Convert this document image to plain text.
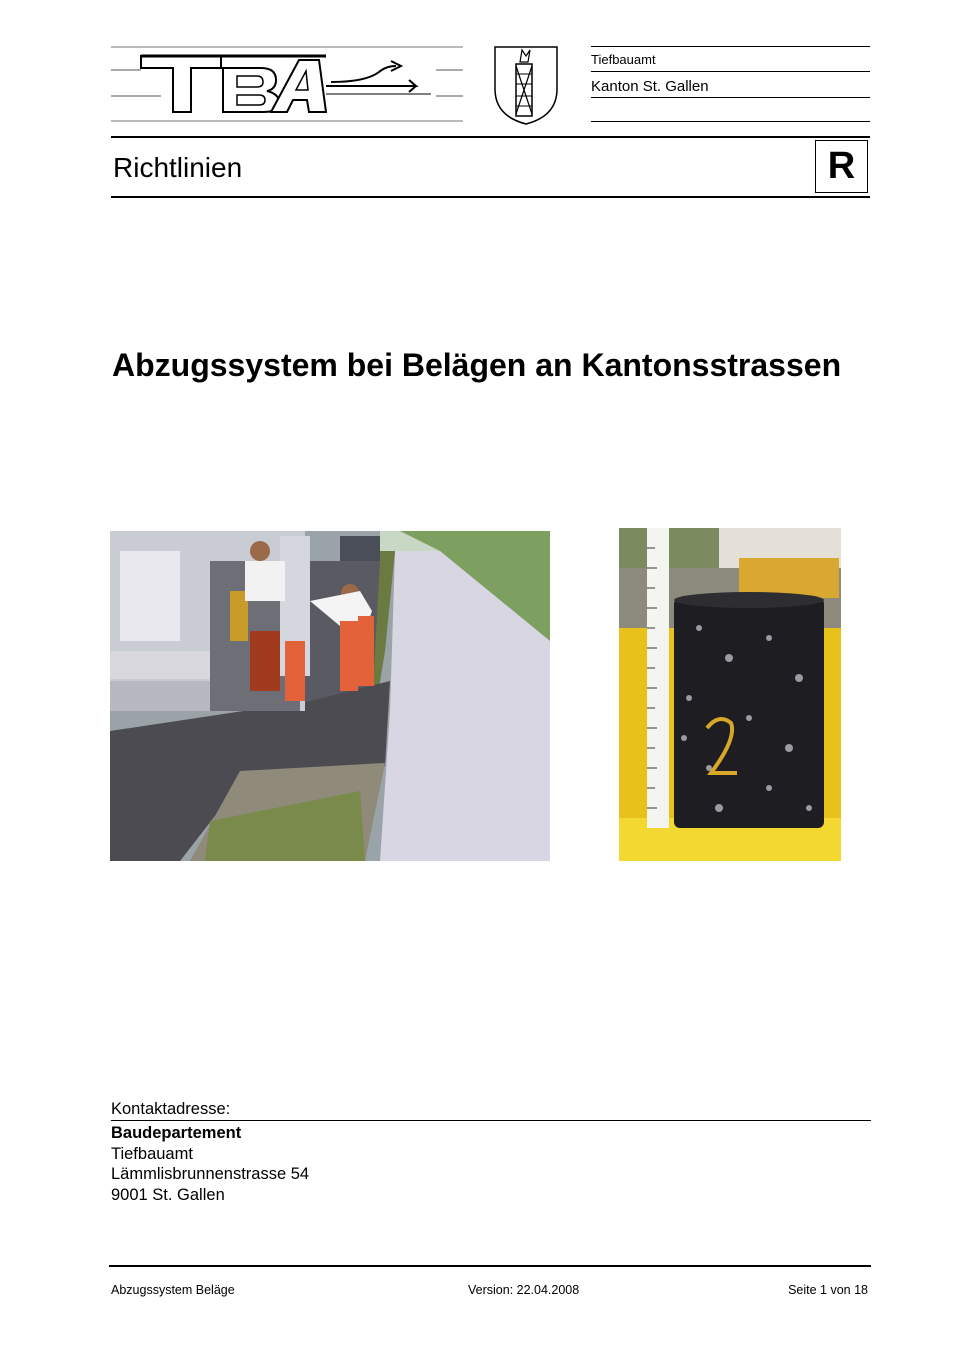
Tiefbauamt
Kanton St. Gallen
Richtlinien	R
Abzugssystem bei Belägen an Kantonsstrassen
Kontaktadresse:
Baudepartement
Tiefbauamt
Lämmlisbrunnenstrasse 54
9001 St. Gallen
Abzugssystem Beläge	Version: 22.04.2008	Seite 1 von 18
